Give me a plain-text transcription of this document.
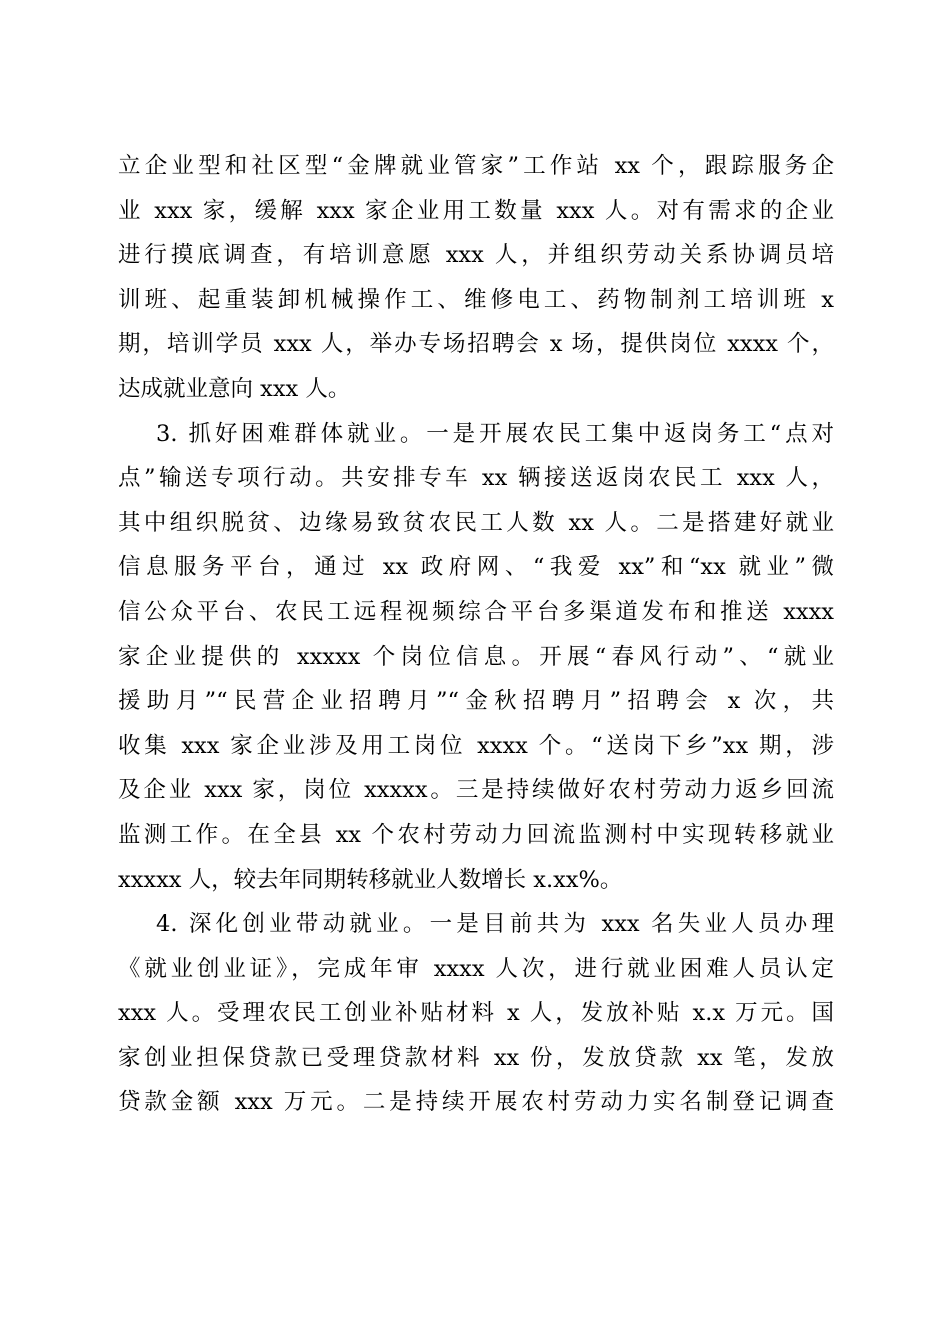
立企业型和社区型“金牌就业管家”工作站 xx 个，跟踪服务企
业 xxx 家，缓解 xxx 家企业用工数量 xxx 人。对有需求的企业
进行摸底调查，有培训意愿 xxx 人，并组织劳动关系协调员培
训班、起重装卸机械操作工、维修电工、药物制剂工培训班 x
期，培训学员 xxx 人，举办专场招聘会 x 场，提供岗位 xxxx 个，
达成就业意向 xxx 人。
3. 抓好困难群体就业。一是开展农民工集中返岗务工“点对
点”输送专项行动。共安排专车 xx 辆接送返岗农民工 xxx 人，
其中组织脱贫、边缘易致贫农民工人数 xx 人。二是搭建好就业
信息服务平台，通过 xx 政府网、“我爱 xx”和“xx 就业”微
信公众平台、农民工远程视频综合平台多渠道发布和推送 xxxx
家企业提供的 xxxxx 个岗位信息。开展“春风行动”、“就业
援助月”“民营企业招聘月”“金秋招聘月”招聘会 x 次，共
收集 xxx 家企业涉及用工岗位 xxxx 个。“送岗下乡”xx 期，涉
及企业 xxx 家，岗位 xxxxx。三是持续做好农村劳动力返乡回流
监测工作。在全县 xx 个农村劳动力回流监测村中实现转移就业
xxxxx 人，较去年同期转移就业人数增长 x.xx%。
4. 深化创业带动就业。一是目前共为 xxx 名失业人员办理
《就业创业证》，完成年审 xxxx 人次，进行就业困难人员认定
xxx 人。受理农民工创业补贴材料 x 人，发放补贴 x.x 万元。国
家创业担保贷款已受理贷款材料 xx 份，发放贷款 xx 笔，发放
贷款金额 xxx 万元。二是持续开展农村劳动力实名制登记调查
